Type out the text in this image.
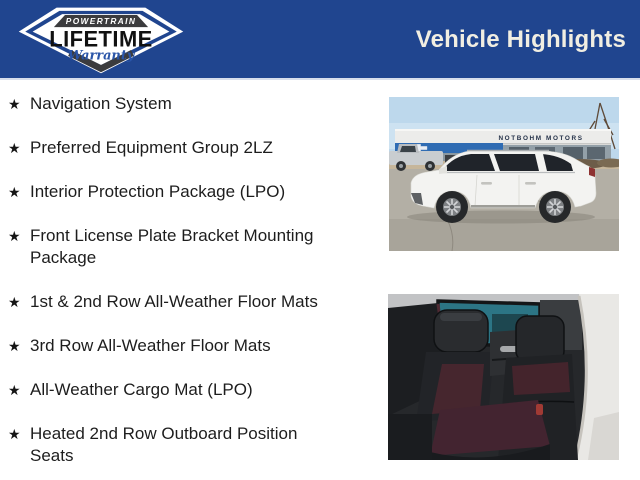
POWERTRAIN
LIFETIME
Warranty
Vehicle Highlights
★ Navigation System
★ Preferred Equipment Group 2LZ
★ Interior Protection Package (LPO)
★ Front License Plate Bracket Mounting Package
★ 1st & 2nd Row All-Weather Floor Mats
★ 3rd Row All-Weather Floor Mats
★ All-Weather Cargo Mat (LPO)
★ Heated 2nd Row Outboard Position Seats
NOTBOHM MOTORS
